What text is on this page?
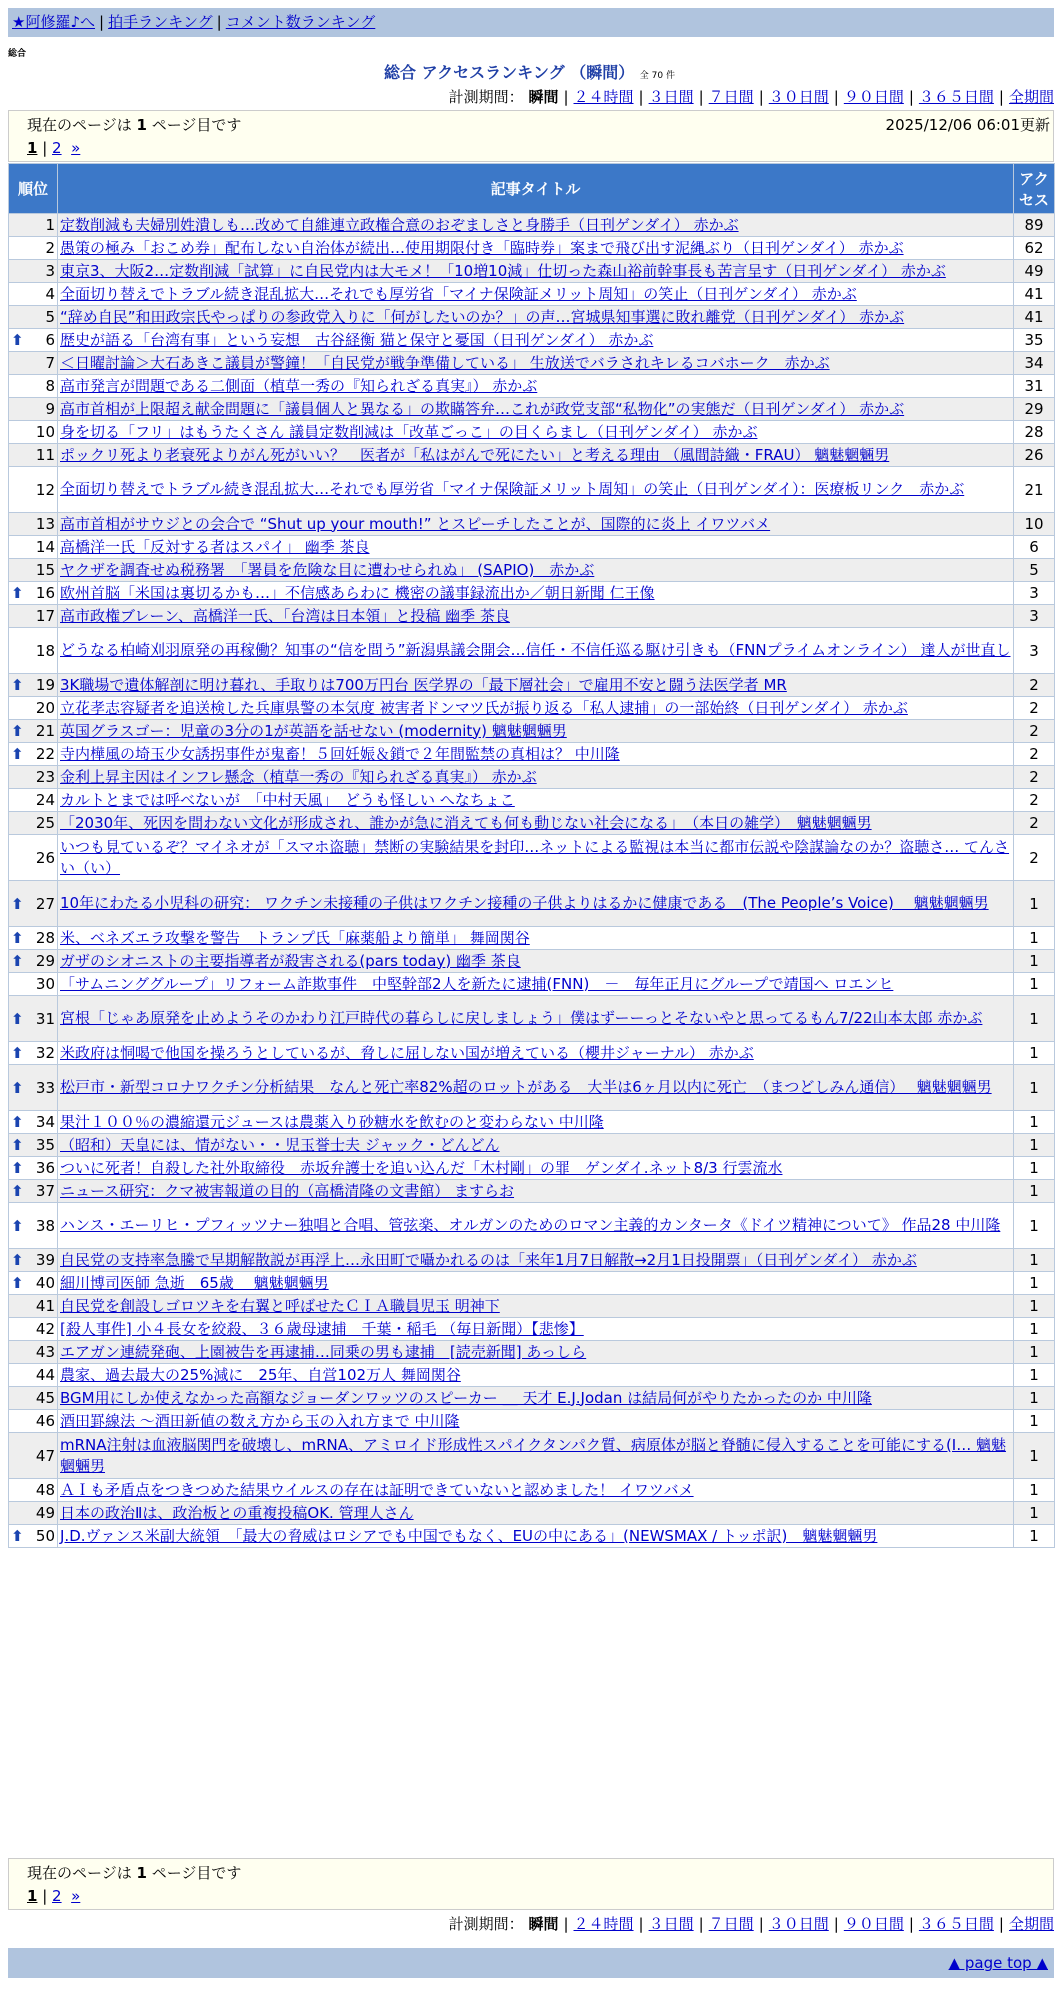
★阿修羅♪へ | 拍手ランキング | コメント数ランキング
総合
総合 アクセスランキング （瞬間） 全 70 件
計測期間： 瞬間 | ２４時間 | ３日間 | ７日間 | ３０日間 | ９０日間 | ３６５日間 | 全期間
現在のページは 1 ページ目です	2025/12/06 06:01更新
1 | 2 »
順位	記事タイトル	アクセス
1	定数削減も夫婦別姓潰しも…改めて自維連立政権合意のおぞましさと身勝手（日刊ゲンダイ） 赤かぶ	89
2	愚策の極み「おこめ券」配布しない自治体が続出…使用期限付き「臨時券」案まで飛び出す泥縄ぶり（日刊ゲンダイ） 赤かぶ	62
3	東京3、大阪2…定数削減「試算」に自民党内は大モメ！「10増10減」仕切った森山裕前幹事長も苦言呈す（日刊ゲンダイ） 赤かぶ	49
4	全面切り替えでトラブル続き混乱拡大…それでも厚労省「マイナ保険証メリット周知」の笑止（日刊ゲンダイ） 赤かぶ	41
5	“辞め自民”和田政宗氏やっぱりの参政党入りに「何がしたいのか？」の声…宮城県知事選に敗れ離党（日刊ゲンダイ） 赤かぶ	41

⬆ 6	歴史が語る「台湾有事」という妄想　古谷経衡 猫と保守と憂国（日刊ゲンダイ） 赤かぶ	35
7	＜日曜討論＞大石あきこ議員が警鐘！「自民党が戦争準備している」 生放送でバラされキレるコバホーク　赤かぶ	34
8	高市発言が問題である二側面（植草一秀の『知られざる真実』） 赤かぶ	31
9	高市首相が上限超え献金問題に「議員個人と異なる」の欺瞞答弁…これが政党支部“私物化”の実態だ（日刊ゲンダイ） 赤かぶ	29
10	身を切る「フリ」はもうたくさん 議員定数削減は「改革ごっこ」の目くらまし（日刊ゲンダイ） 赤かぶ	28
11	ポックリ死より老衰死よりがん死がいい？　医者が「私はがんで死にたい」と考える理由 （風間詩織・FRAU） 魑魅魍魎男	26
12	全面切り替えでトラブル続き混乱拡大…それでも厚労省「マイナ保険証メリット周知」の笑止（日刊ゲンダイ）：医療板リンク　赤かぶ	21
13	高市首相がサウジとの会合で “Shut up your mouth!” とスピーチしたことが、国際的に炎上 イワツバメ	10
14	高橋洋一氏「反対する者はスパイ」 幽季 茶良	6
15	ヤクザを調査せぬ税務署　「署員を危険な目に遭わせられぬ」 (SAPIO)　赤かぶ	5

⬆ 16	欧州首脳「米国は裏切るかも…」不信感あらわに 機密の議事録流出か／朝日新聞 仁王像	3
17	高市政権ブレーン、高橋洋一氏、「台湾は日本領」と投稿 幽季 茶良	3
18	どうなる柏崎刈羽原発の再稼働？知事の“信を問う”新潟県議会開会…信任・不信任巡る駆け引きも（FNNプライムオンライン） 達人が世直し	3

⬆ 19	3K職場で遺体解剖に明け暮れ、手取りは700万円台 医学界の「最下層社会」で雇用不安と闘う法医学者 MR	2
20	立花孝志容疑者を追送検した兵庫県警の本気度 被害者ドンマツ氏が振り返る「私人逮捕」の一部始終（日刊ゲンダイ） 赤かぶ	2

⬆ 21	英国グラスゴー：児童の3分の1が英語を話せない (modernity) 魑魅魍魎男	2

⬆ 22	寺内樺風の埼玉少女誘拐事件が鬼畜！５回妊娠＆鎖で２年間監禁の真相は？ 中川隆	2
23	金利上昇主因はインフレ懸念（植草一秀の『知られざる真実』） 赤かぶ	2
24	カルトとまでは呼べないが　「中村天風」　どうも怪しい へなちょこ	2
25	「2030年、死因を問わない文化が形成され、誰かが急に消えても何も動じない社会になる」　（本日の雑学）　魑魅魍魎男	2
26	いつも見ているぞ？マイネオが「スマホ盗聴」禁断の実験結果を封印…ネットによる監視は本当に都市伝説や陰謀論なのか？盗聴さ… てんさい（い）	2

⬆ 27	10年にわたる小児科の研究： ワクチン未接種の子供はワクチン接種の子供よりはるかに健康である　(The People’s Voice)　 魑魅魍魎男	1

⬆ 28	米、ベネズエラ攻撃を警告　トランプ氏「麻薬船より簡単」 舞岡関谷	1

⬆ 29	ガザのシオニストの主要指導者が殺害される(pars today) 幽季 茶良	1
30	「サムニンググループ」リフォーム詐欺事件　中堅幹部2人を新たに逮捕(FNN)　－　毎年正月にグループで靖国へ ロエンヒ	1

⬆ 31	宮根「じゃあ原発を止めようそのかわり江戸時代の暮らしに戻しましょう」僕はずーーっとそないやと思ってるもん7/22山本太郎 赤かぶ	1

⬆ 32	米政府は恫喝で他国を操ろうとしているが、脅しに屈しない国が増えている（櫻井ジャーナル） 赤かぶ	1

⬆ 33	松戸市・新型コロナワクチン分析結果　なんと死亡率82%超のロットがある　大半は6ヶ月以内に死亡　（まつどしみん通信）　 魑魅魍魎男	1

⬆ 34	果汁１００％の濃縮還元ジュースは農薬入り砂糖水を飲むのと変わらない 中川隆	1

⬆ 35	（昭和）天皇には、情がない・・児玉誉士夫 ジャック・どんどん	1

⬆ 36	ついに死者！自殺した社外取締役　赤坂弁護士を追い込んだ「木村剛」の罪　ゲンダイ.ネット8/3 行雲流水	1

⬆ 37	ニュース研究：クマ被害報道の目的（高橋清隆の文書館） ますらお	1

⬆ 38	ハンス・エーリヒ・プフィッツナー独唱と合唱、管弦楽、オルガンのためのロマン主義的カンタータ《ドイツ精神について》 作品28 中川隆	1

⬆ 39	自民党の支持率急騰で早期解散説が再浮上…永田町で囁かれるのは「来年1月7日解散→2月1日投開票」（日刊ゲンダイ） 赤かぶ	1

⬆ 40	細川博司医師 急逝　65歳　 魑魅魍魎男	1
41	自民党を創設しゴロツキを右翼と呼ばせたＣＩＡ職員児玉 明神下	1
42	[殺人事件] 小４長女を絞殺、３６歳母逮捕　千葉・稲毛 （毎日新聞）【悲惨】	1
43	エアガン連続発砲、上園被告を再逮捕…同乗の男も逮捕　[読売新聞] あっしら	1
44	農家、過去最大の25%減に　25年、自営102万人 舞岡関谷	1
45	BGM用にしか使えなかった高額なジョーダンワッツのスピーカー ＿ 天才 E.J.Jodan は結局何がやりたかったのか 中川隆	1
46	酒田罫線法 ～酒田新値の数え方から玉の入れ方まで 中川隆	1
47	mRNA注射は血液脳関門を破壊し、mRNA、アミロイド形成性スパイクタンパク質、病原体が脳と脊髄に侵入することを可能にする(I… 魑魅魍魎男	1
48	ＡＩも矛盾点をつきつめた結果ウイルスの存在は証明できていないと認めました！ イワツバメ	1
49	日本の政治Ⅱは、政治板との重複投稿OK. 管理人さん	1

⬆ 50	J.D.ヴァンス米副大統領　「最大の脅威はロシアでも中国でもなく、EUの中にある」(NEWSMAX / トッポ訳)　魑魅魍魎男	1
現在のページは 1 ページ目です
1 | 2 »
計測期間： 瞬間 | ２４時間 | ３日間 | ７日間 | ３０日間 | ９０日間 | ３６５日間 | 全期間
▲ page top ▲
